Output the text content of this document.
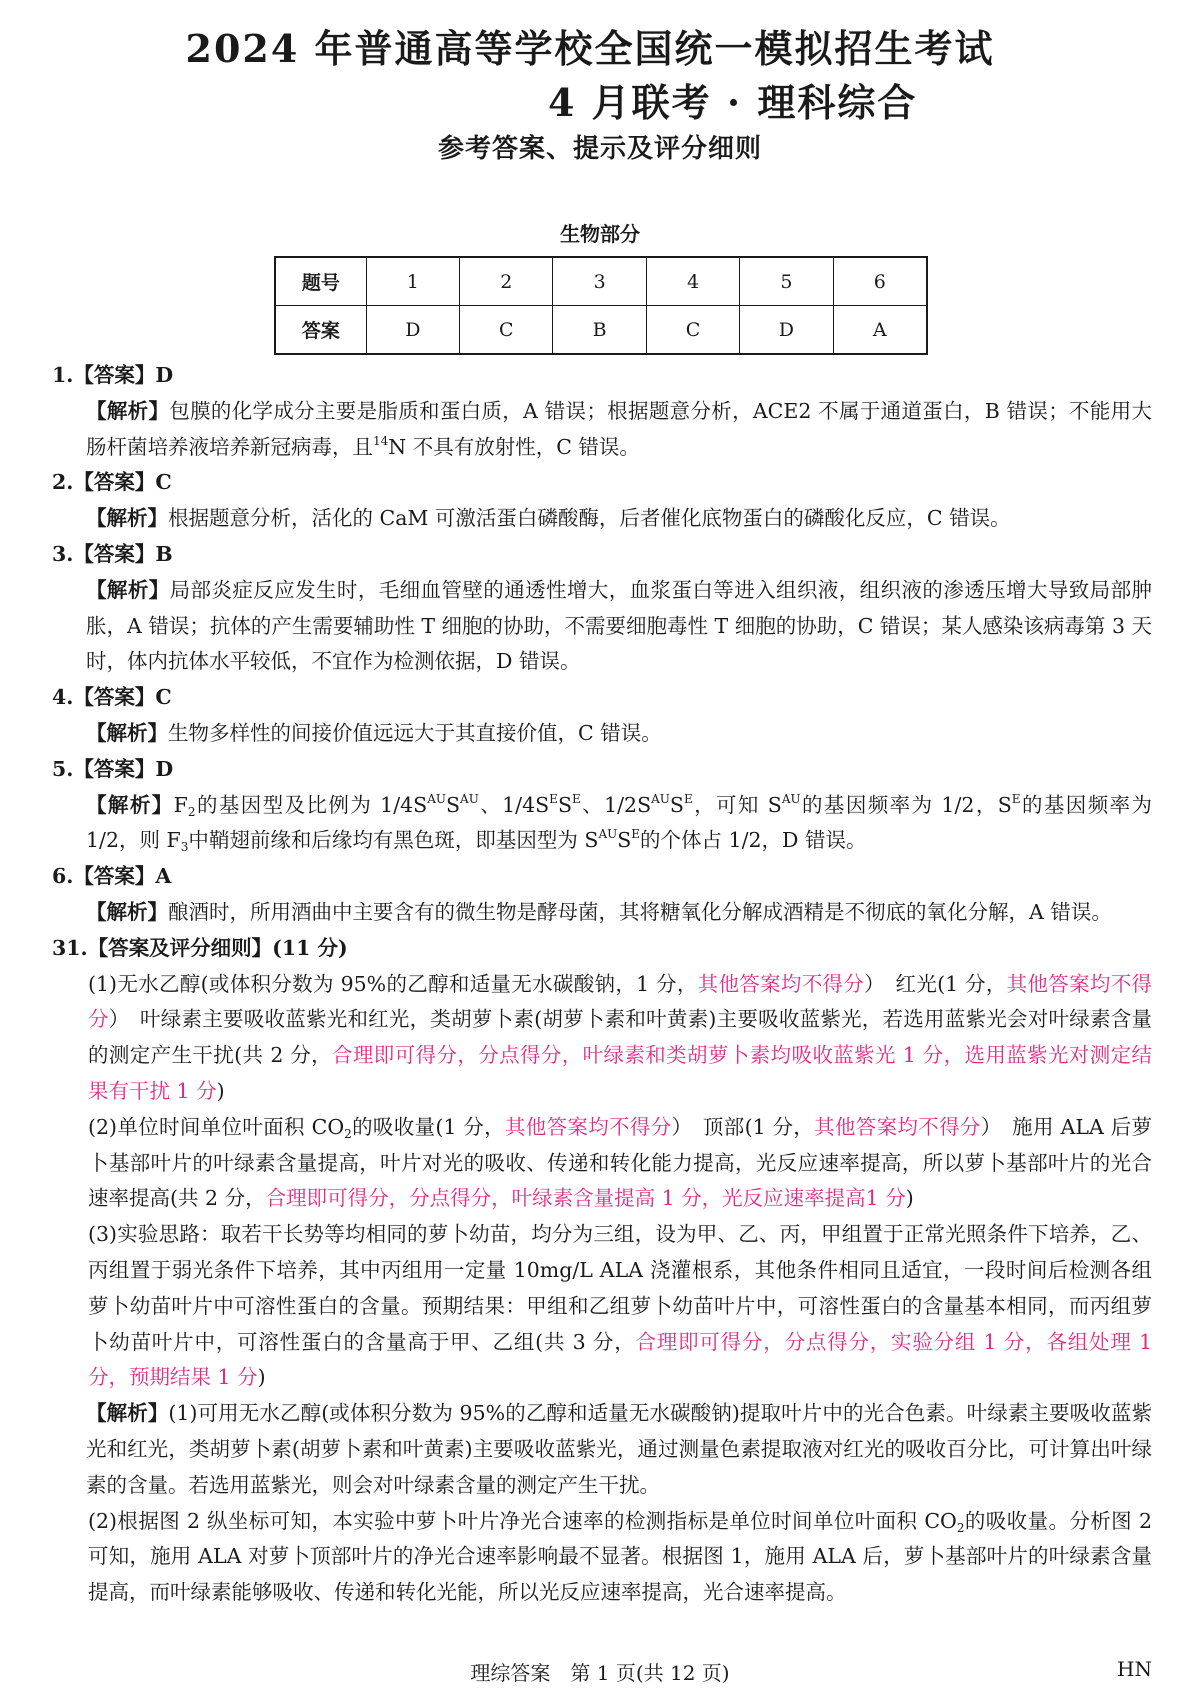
2024 年普通高等学校全国统一模拟招生考试
4 月联考 · 理科综合
参考答案、提示及评分细则
生物部分
题号	1	2	3	4	5	6
答案	D	C	B	C	D	A

1.【答案】D

【解析】包膜的化学成分主要是脂质和蛋白质，A 错误；根据题意分析，ACE2 不属于通道蛋白，B 错误；不能用大肠杆菌培养液培养新冠病毒，且$^{14}$N 不具有放射性，C 错误。

2.【答案】C

【解析】根据题意分析，活化的 CaM 可激活蛋白磷酸酶，后者催化底物蛋白的磷酸化反应，C 错误。

3.【答案】B

【解析】局部炎症反应发生时，毛细血管壁的通透性增大，血浆蛋白等进入组织液，组织液的渗透压增大导致局部肿胀，A 错误；抗体的产生需要辅助性 T 细胞的协助，不需要细胞毒性 T 细胞的协助，C 错误；某人感染该病毒第 3 天时，体内抗体水平较低，不宜作为检测依据，D 错误。

4.【答案】C

【解析】生物多样性的间接价值远远大于其直接价值，C 错误。

5.【答案】D

【解析】$F_2$的基因型及比例为 $1/4S^{AU}S^{AU}$、$1/4S^ES^E$、$1/2S^{AU}S^E$，可知 $S^{AU}$的基因频率为 1/2，$S^E$的基因频率为 1/2，则 $F_3$中鞘翅前缘和后缘均有黑色斑，即基因型为 $S^{AU}S^E$的个体占 1/2，D 错误。

6.【答案】A

【解析】酿酒时，所用酒曲中主要含有的微生物是酵母菌，其将糖氧化分解成酒精是不彻底的氧化分解，A 错误。

31.【答案及评分细则】(11 分)

(1)无水乙醇(或体积分数为 95%的乙醇和适量无水碳酸钠，1 分，其他答案均不得分）　红光(1 分，其他答案均不得分）　叶绿素主要吸收蓝紫光和红光，类胡萝卜素(胡萝卜素和叶黄素)主要吸收蓝紫光，若选用蓝紫光会对叶绿素含量的测定产生干扰(共 2 分，合理即可得分，分点得分，叶绿素和类胡萝卜素均吸收蓝紫光 1 分，选用蓝紫光对测定结果有干扰 1 分)

(2)单位时间单位叶面积 $CO_2$的吸收量(1 分，其他答案均不得分）　顶部(1 分，其他答案均不得分）　施用 ALA 后萝卜基部叶片的叶绿素含量提高，叶片对光的吸收、传递和转化能力提高，光反应速率提高，所以萝卜基部叶片的光合速率提高(共 2 分，合理即可得分，分点得分，叶绿素含量提高 1 分，光反应速率提高1 分)

(3)实验思路：取若干长势等均相同的萝卜幼苗，均分为三组，设为甲、乙、丙，甲组置于正常光照条件下培养，乙、丙组置于弱光条件下培养，其中丙组用一定量 10mg/L ALA 浇灌根系，其他条件相同且适宜，一段时间后检测各组萝卜幼苗叶片中可溶性蛋白的含量。预期结果：甲组和乙组萝卜幼苗叶片中，可溶性蛋白的含量基本相同，而丙组萝卜幼苗叶片中，可溶性蛋白的含量高于甲、乙组(共 3 分，合理即可得分，分点得分，实验分组 1 分，各组处理 1 分，预期结果 1 分)

【解析】(1)可用无水乙醇(或体积分数为 95%的乙醇和适量无水碳酸钠)提取叶片中的光合色素。叶绿素主要吸收蓝紫光和红光，类胡萝卜素(胡萝卜素和叶黄素)主要吸收蓝紫光，通过测量色素提取液对红光的吸收百分比，可计算出叶绿素的含量。若选用蓝紫光，则会对叶绿素含量的测定产生干扰。

(2)根据图 2 纵坐标可知，本实验中萝卜叶片净光合速率的检测指标是单位时间单位叶面积 $CO_2$的吸收量。分析图 2 可知，施用 ALA 对萝卜顶部叶片的净光合速率影响最不显著。根据图 1，施用 ALA 后，萝卜基部叶片的叶绿素含量提高，而叶绿素能够吸收、传递和转化光能，所以光反应速率提高，光合速率提高。

理综答案　第 1 页(共 12 页)	HN
